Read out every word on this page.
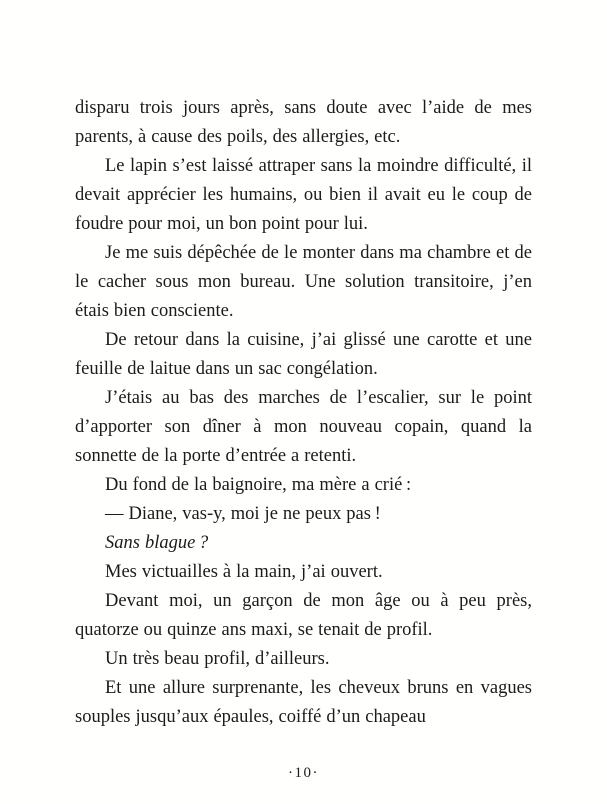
disparu trois jours après, sans doute avec l’aide de mes parents, à cause des poils, des allergies, etc.

Le lapin s’est laissé attraper sans la moindre difficulté, il devait apprécier les humains, ou bien il avait eu le coup de foudre pour moi, un bon point pour lui.

Je me suis dépêchée de le monter dans ma chambre et de le cacher sous mon bureau. Une solution transitoire, j’en étais bien consciente.

De retour dans la cuisine, j’ai glissé une carotte et une feuille de laitue dans un sac congélation.

J’étais au bas des marches de l’escalier, sur le point d’apporter son dîner à mon nouveau copain, quand la sonnette de la porte d’entrée a retenti.

Du fond de la baignoire, ma mère a crié :

— Diane, vas-y, moi je ne peux pas !

Sans blague ?

Mes victuailles à la main, j’ai ouvert.

Devant moi, un garçon de mon âge ou à peu près, quatorze ou quinze ans maxi, se tenait de profil.

Un très beau profil, d’ailleurs.

Et une allure surprenante, les cheveux bruns en vagues souples jusqu’aux épaules, coiffé d’un chapeau

·10·
